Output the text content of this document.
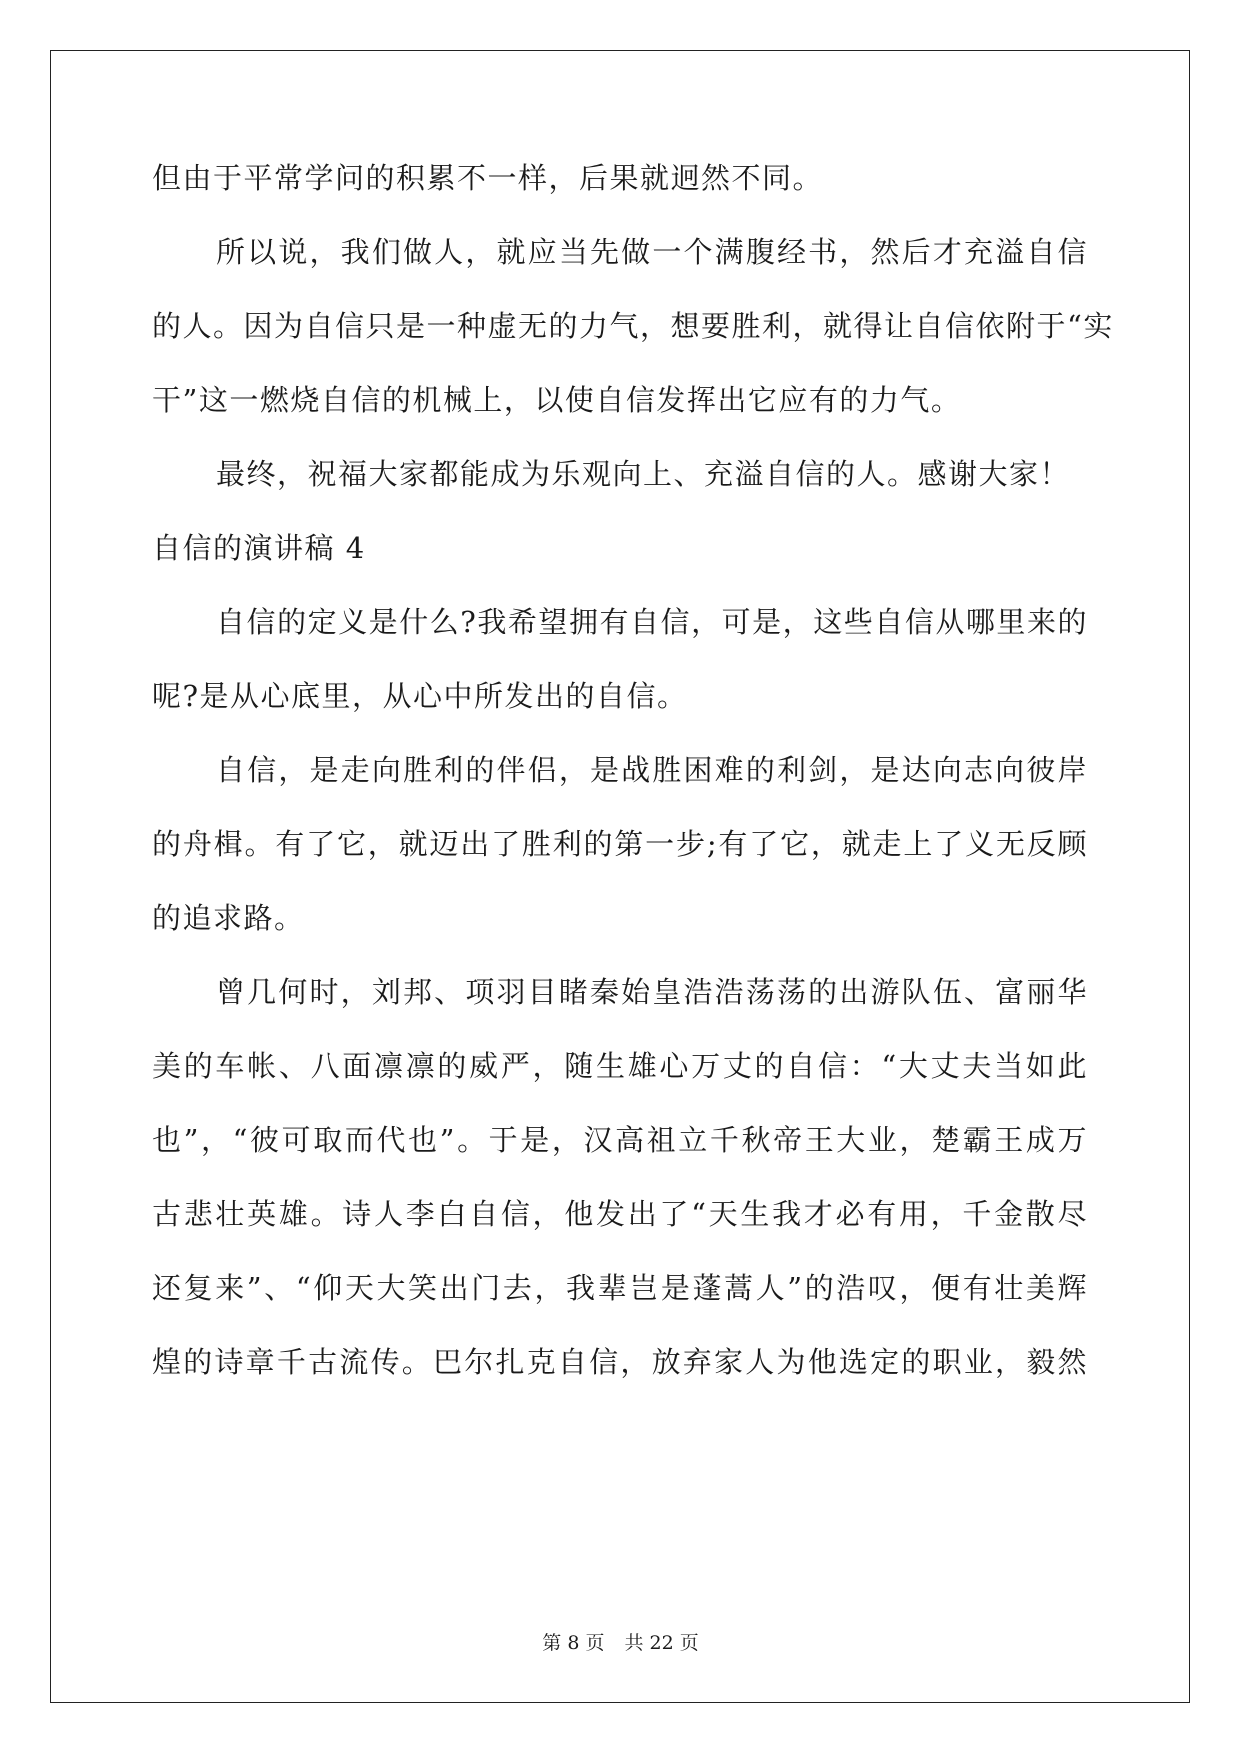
但由于平常学问的积累不一样，后果就迥然不同。
所以说，我们做人，就应当先做一个满腹经书，然后才充溢自信
的人。因为自信只是一种虚无的力气，想要胜利，就得让自信依附于“实
干”这一燃烧自信的机械上，以使自信发挥出它应有的力气。
最终，祝福大家都能成为乐观向上、充溢自信的人。感谢大家！
自信的演讲稿 4
自信的定义是什么?我希望拥有自信，可是，这些自信从哪里来的
呢?是从心底里，从心中所发出的自信。
自信，是走向胜利的伴侣，是战胜困难的利剑，是达向志向彼岸
的舟楫。有了它，就迈出了胜利的第一步;有了它，就走上了义无反顾
的追求路。
曾几何时，刘邦、项羽目睹秦始皇浩浩荡荡的出游队伍、富丽华
美的车帐、八面凛凛的威严，随生雄心万丈的自信：“大丈夫当如此
也”，“彼可取而代也”。于是，汉高祖立千秋帝王大业，楚霸王成万
古悲壮英雄。诗人李白自信，他发出了“天生我才必有用，千金散尽
还复来”、“仰天大笑出门去，我辈岂是蓬蒿人”的浩叹，便有壮美辉
煌的诗章千古流传。巴尔扎克自信，放弃家人为他选定的职业，毅然
第 8 页 共 22 页
